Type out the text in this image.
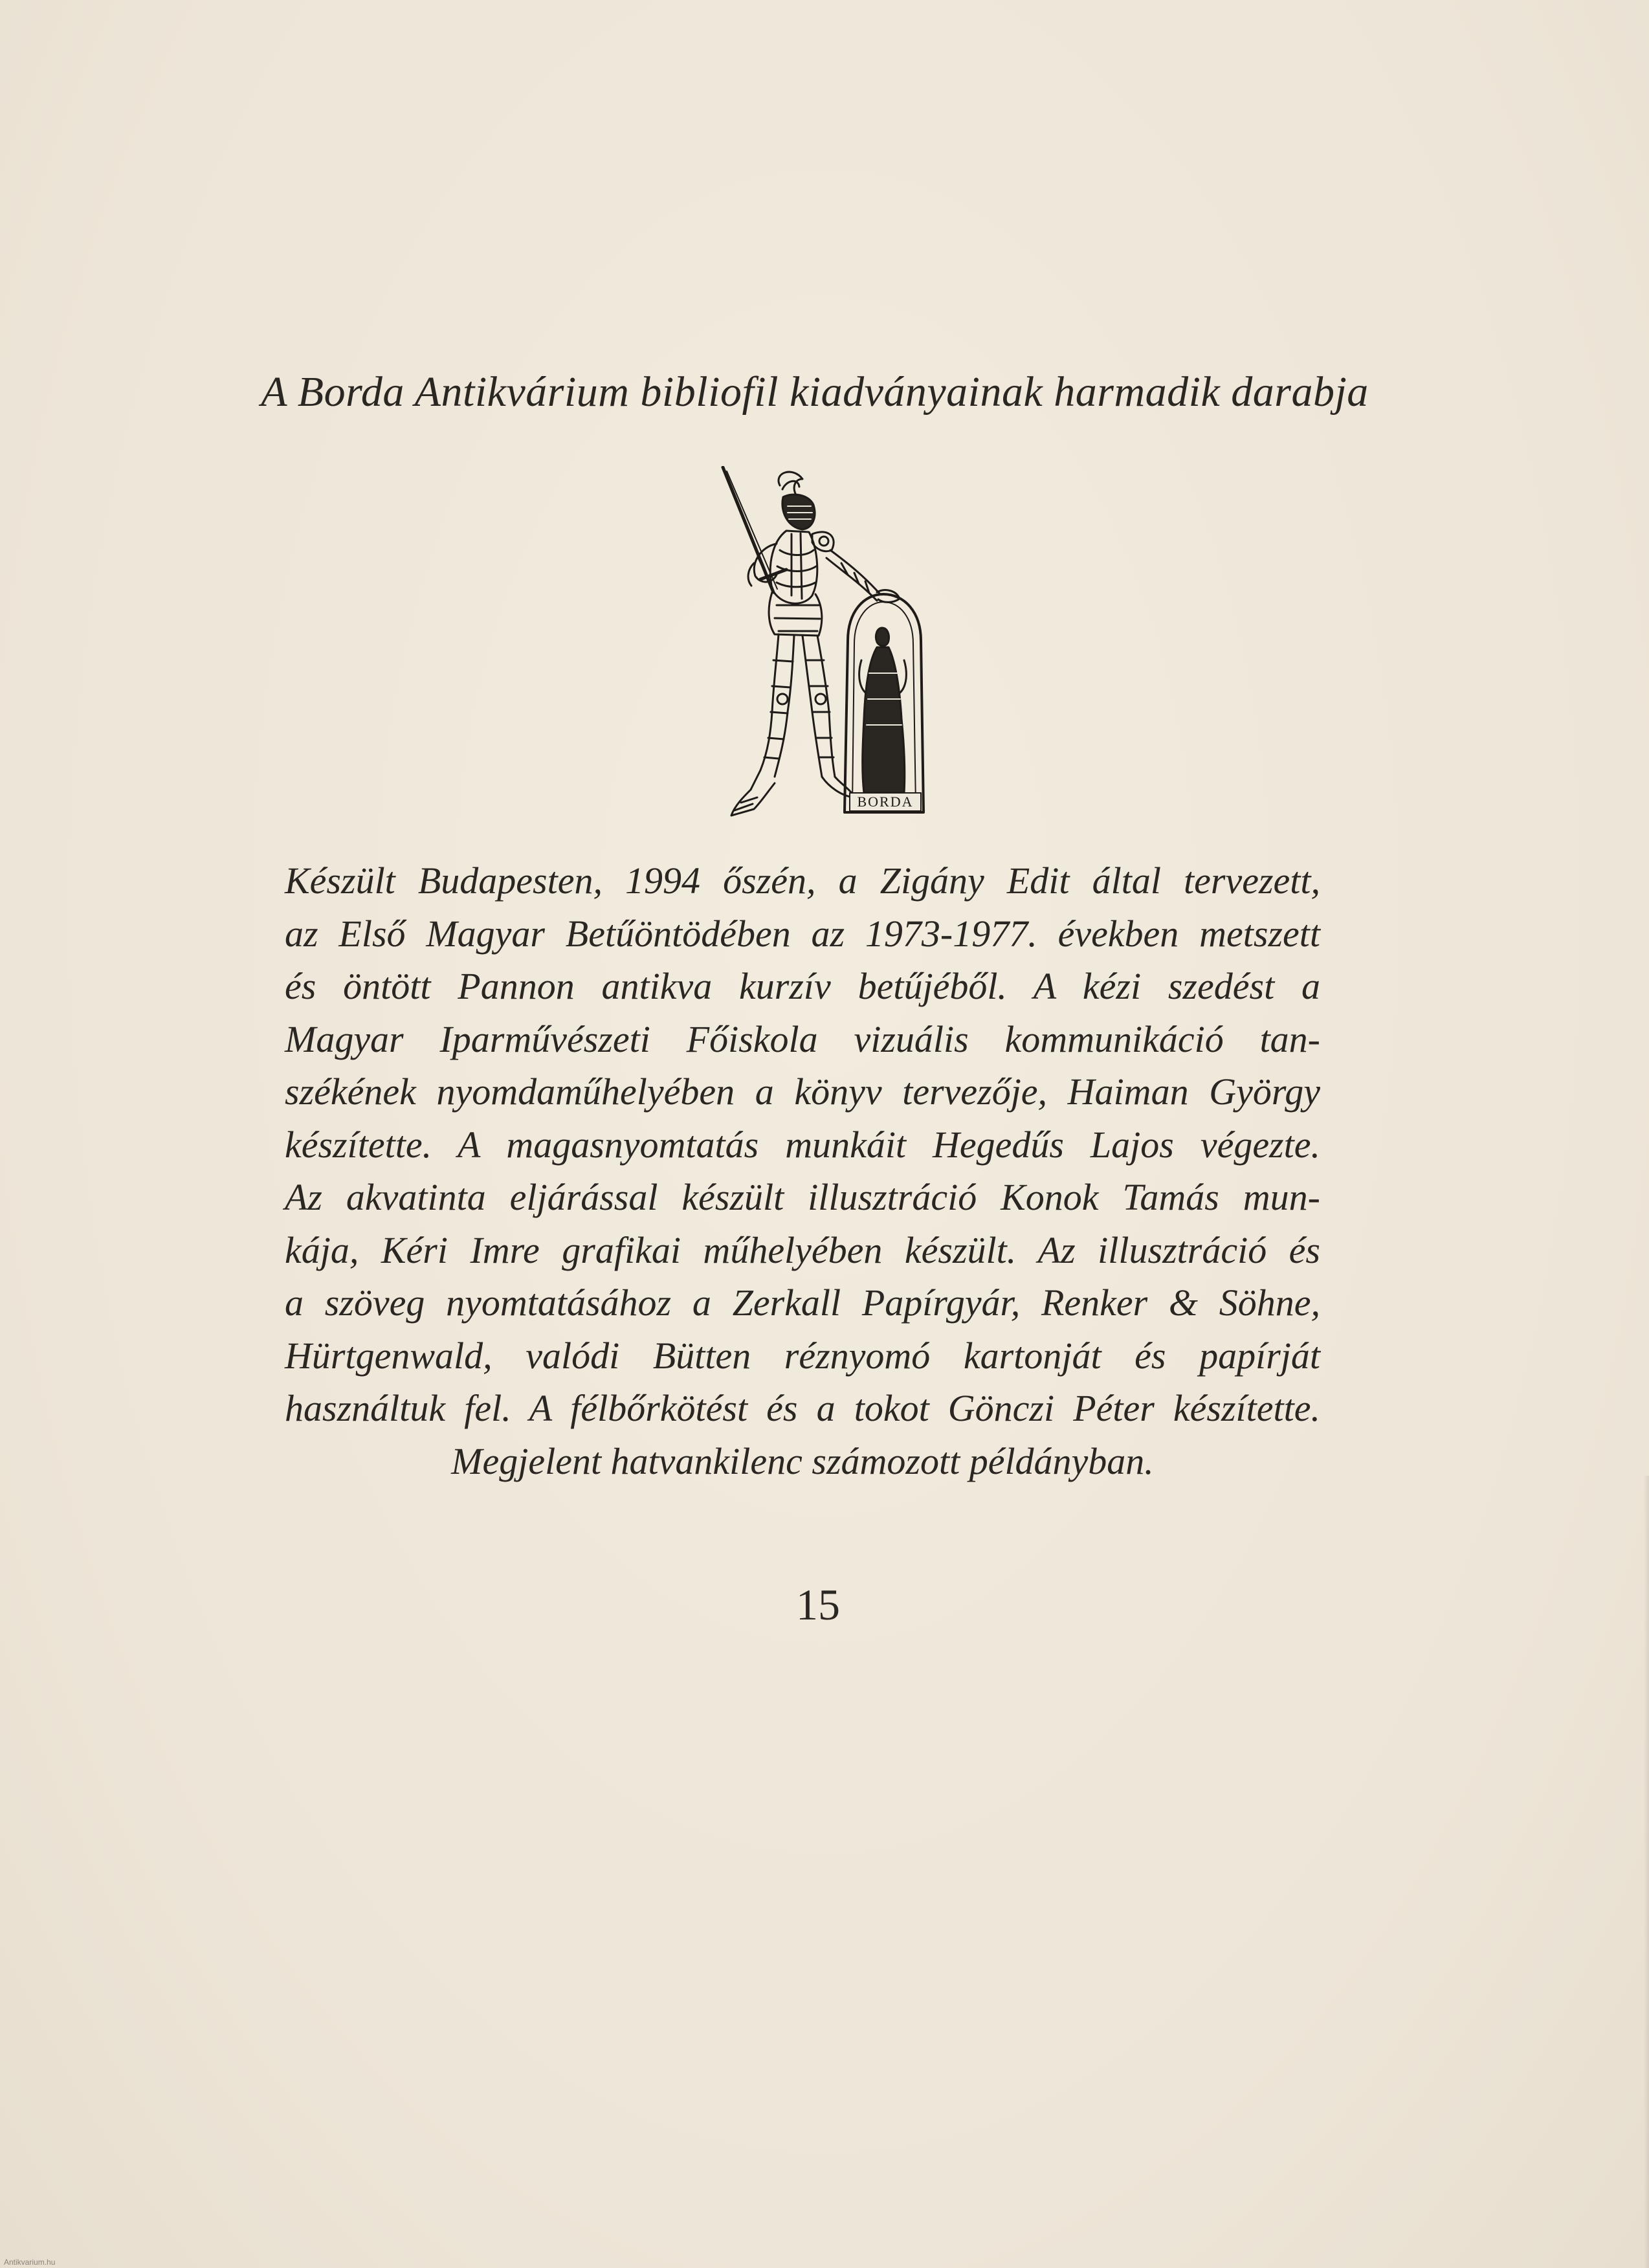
A Borda Antikvárium bibliofil kiadványainak harmadik darabja
BORDA
Készült Budapesten, 1994 őszén, a Zigány Edit által tervezett,
az Első Magyar Betűöntödében az 1973-1977. években metszett
és öntött Pannon antikva kurzív betűjéből. A kézi szedést a
Magyar Iparművészeti Főiskola vizuális kommunikáció tan-
székének nyomdaműhelyében a könyv tervezője, Haiman György
készítette. A magasnyomtatás munkáit Hegedűs Lajos végezte.
Az akvatinta eljárással készült illusztráció Konok Tamás mun-
kája, Kéri Imre grafikai műhelyében készült. Az illusztráció és
a szöveg nyomtatásához a Zerkall Papírgyár, Renker & Söhne,
Hürtgenwald, valódi Bütten réznyomó kartonját és papírját
használtuk fel. A félbőrkötést és a tokot Gönczi Péter készítette.
Megjelent hatvankilenc számozott példányban.
15
Antikvarium.hu
